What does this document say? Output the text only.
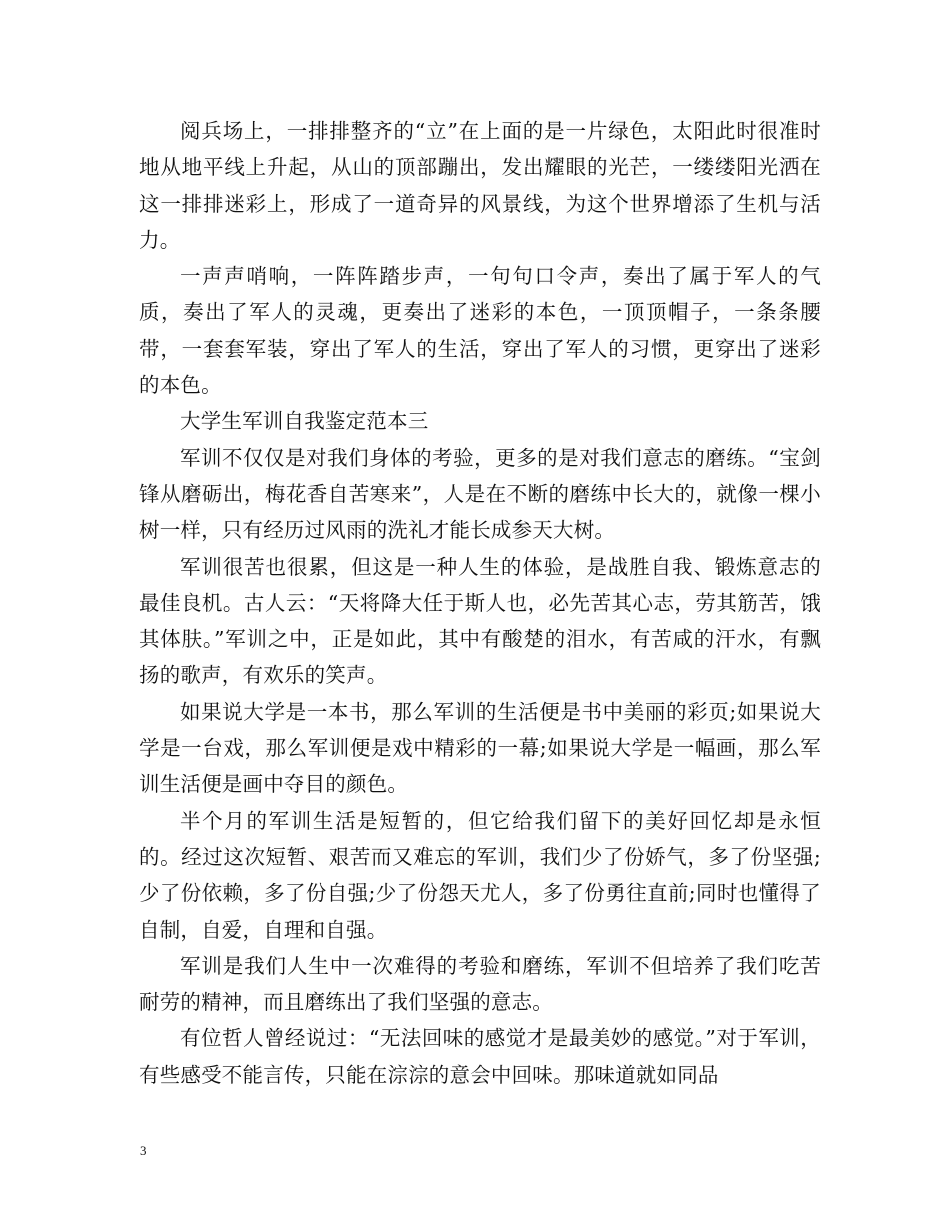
阅兵场上，一排排整齐的“立”在上面的是一片绿色，太阳此时很准时地从地平线上升起，从山的顶部蹦出，发出耀眼的光芒，一缕缕阳光洒在这一排排迷彩上，形成了一道奇异的风景线，为这个世界增添了生机与活力。

一声声哨响，一阵阵踏步声，一句句口令声，奏出了属于军人的气质，奏出了军人的灵魂，更奏出了迷彩的本色，一顶顶帽子，一条条腰带，一套套军装，穿出了军人的生活，穿出了军人的习惯，更穿出了迷彩的本色。

大学生军训自我鉴定范本三

军训不仅仅是对我们身体的考验，更多的是对我们意志的磨练。“宝剑锋从磨砺出，梅花香自苦寒来”，人是在不断的磨练中长大的，就像一棵小树一样，只有经历过风雨的洗礼才能长成参天大树。

军训很苦也很累，但这是一种人生的体验，是战胜自我、锻炼意志的最佳良机。古人云：“天将降大任于斯人也，必先苦其心志，劳其筋苦，饿其体肤。”军训之中，正是如此，其中有酸楚的泪水，有苦咸的汗水，有飘扬的歌声，有欢乐的笑声。

如果说大学是一本书，那么军训的生活便是书中美丽的彩页;如果说大学是一台戏，那么军训便是戏中精彩的一幕;如果说大学是一幅画，那么军训生活便是画中夺目的颜色。

半个月的军训生活是短暂的，但它给我们留下的美好回忆却是永恒的。经过这次短暂、艰苦而又难忘的军训，我们少了份娇气，多了份坚强;少了份依赖，多了份自强;少了份怨天尤人，多了份勇往直前;同时也懂得了自制，自爱，自理和自强。

军训是我们人生中一次难得的考验和磨练，军训不但培养了我们吃苦耐劳的精神，而且磨练出了我们坚强的意志。

有位哲人曾经说过：“无法回味的感觉才是最美妙的感觉。”对于军训，有些感受不能言传，只能在淙淙的意会中回味。那味道就如同品

3
